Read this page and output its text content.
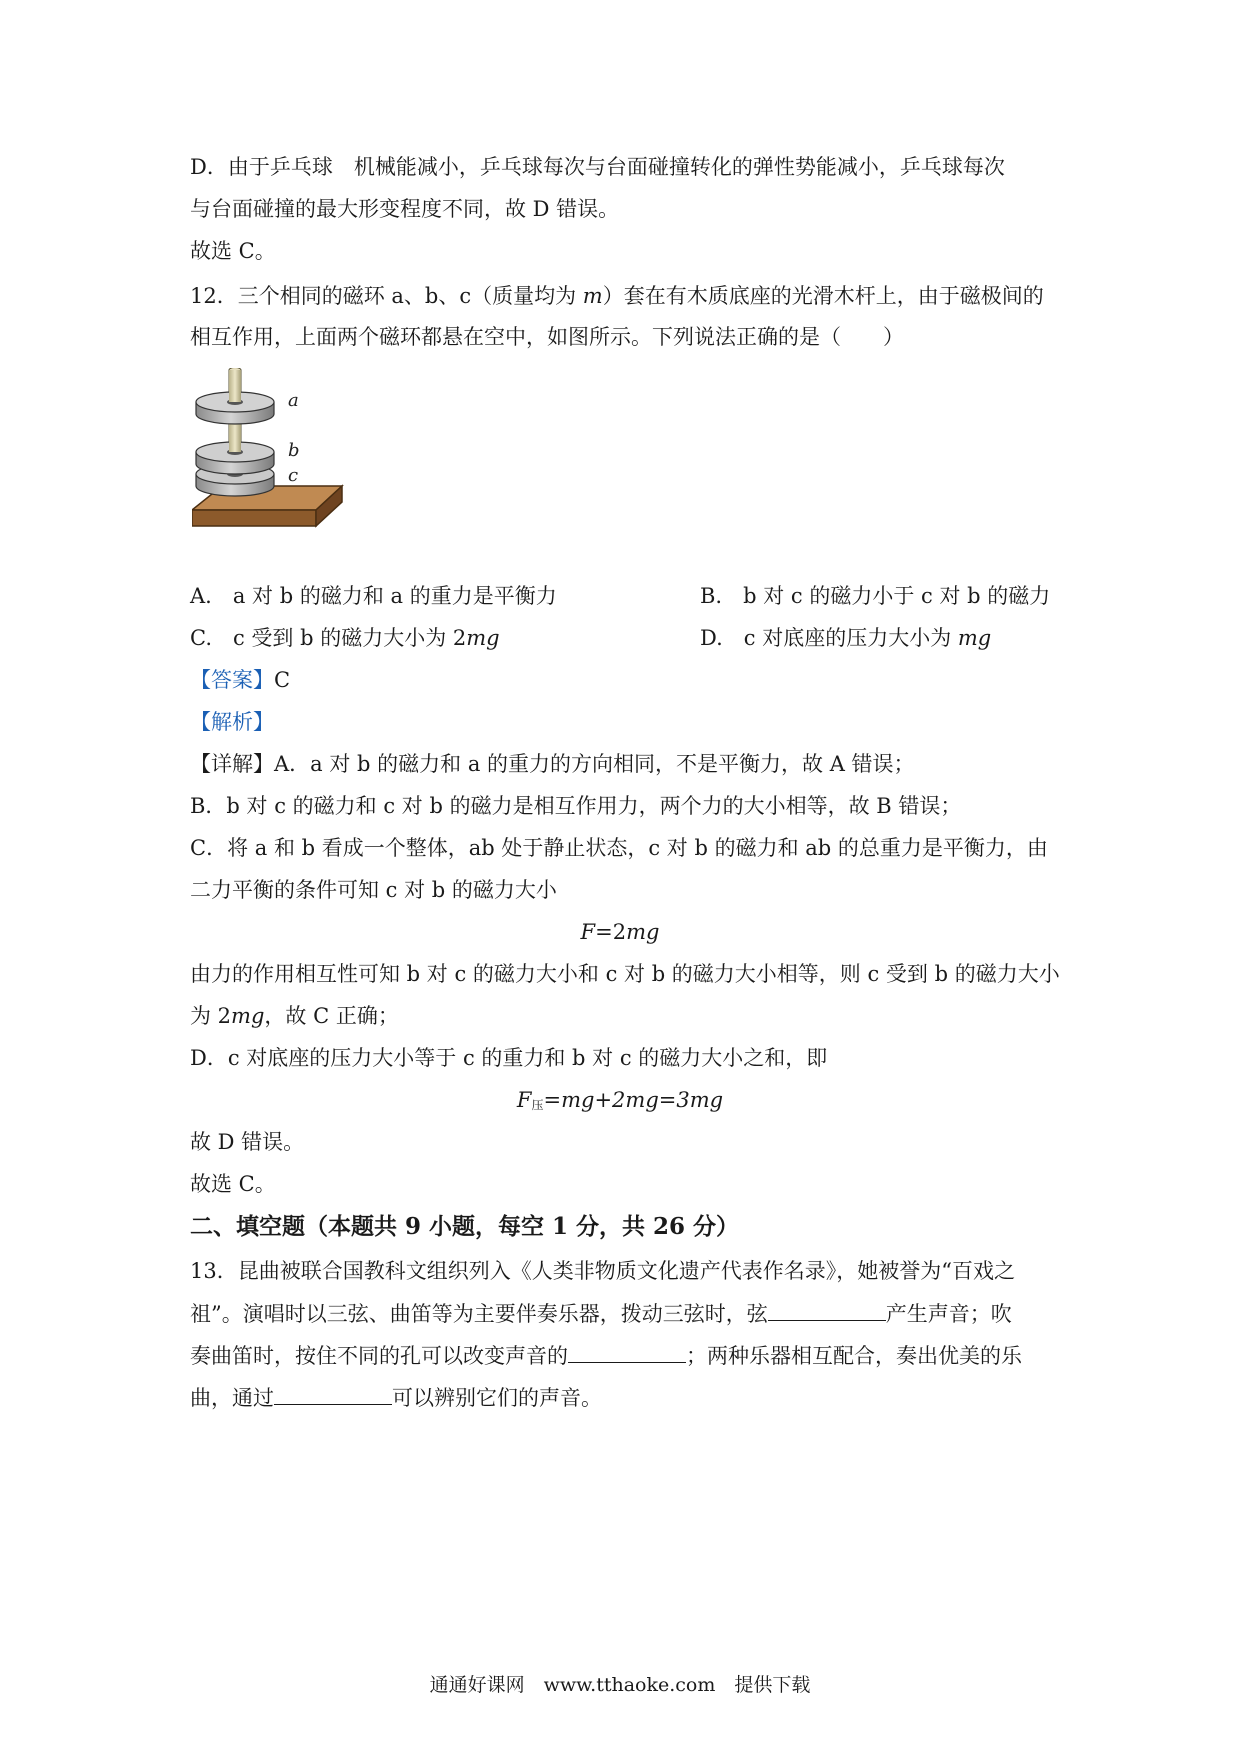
D．由于乒乓球　机械能减小，乒乓球每次与台面碰撞转化的弹性势能减小，乒乓球每次
与台面碰撞的最大形变程度不同，故 D 错误。
故选 C。
12．三个相同的磁环 a、b、c（质量均为 m）套在有木质底座的光滑木杆上，由于磁极间的
相互作用，上面两个磁环都悬在空中，如图所示。下列说法正确的是（　　）
a
b
c
A.　a 对 b 的磁力和 a 的重力是平衡力	B.　b 对 c 的磁力小于 c 对 b 的磁力
C.　c 受到 b 的磁力大小为 2mg	D.　c 对底座的压力大小为 mg
【答案】C
【解析】
【详解】A．a 对 b 的磁力和 a 的重力的方向相同，不是平衡力，故 A 错误；
B．b 对 c 的磁力和 c 对 b 的磁力是相互作用力，两个力的大小相等，故 B 错误；
C．将 a 和 b 看成一个整体，ab 处于静止状态，c 对 b 的磁力和 ab 的总重力是平衡力，由
二力平衡的条件可知 c 对 b 的磁力大小
F=2mg
由力的作用相互性可知 b 对 c 的磁力大小和 c 对 b 的磁力大小相等，则 c 受到 b 的磁力大小
为 2mg，故 C 正确；
D．c 对底座的压力大小等于 c 的重力和 b 对 c 的磁力大小之和，即
$F_压=mg+2mg=3mg$
故 D 错误。
故选 C。
二、填空题（本题共 9 小题，每空 1 分，共 26 分）
13．昆曲被联合国教科文组织列入《人类非物质文化遗产代表作名录》，她被誉为“百戏之
祖”。演唱时以三弦、曲笛等为主要伴奏乐器，拨动三弦时，弦	产生声音；吹
奏曲笛时，按住不同的孔可以改变声音的	；两种乐器相互配合，奏出优美的乐
曲，通过	可以辨别它们的声音。
通通好课网　www.tthaoke.com　提供下载
